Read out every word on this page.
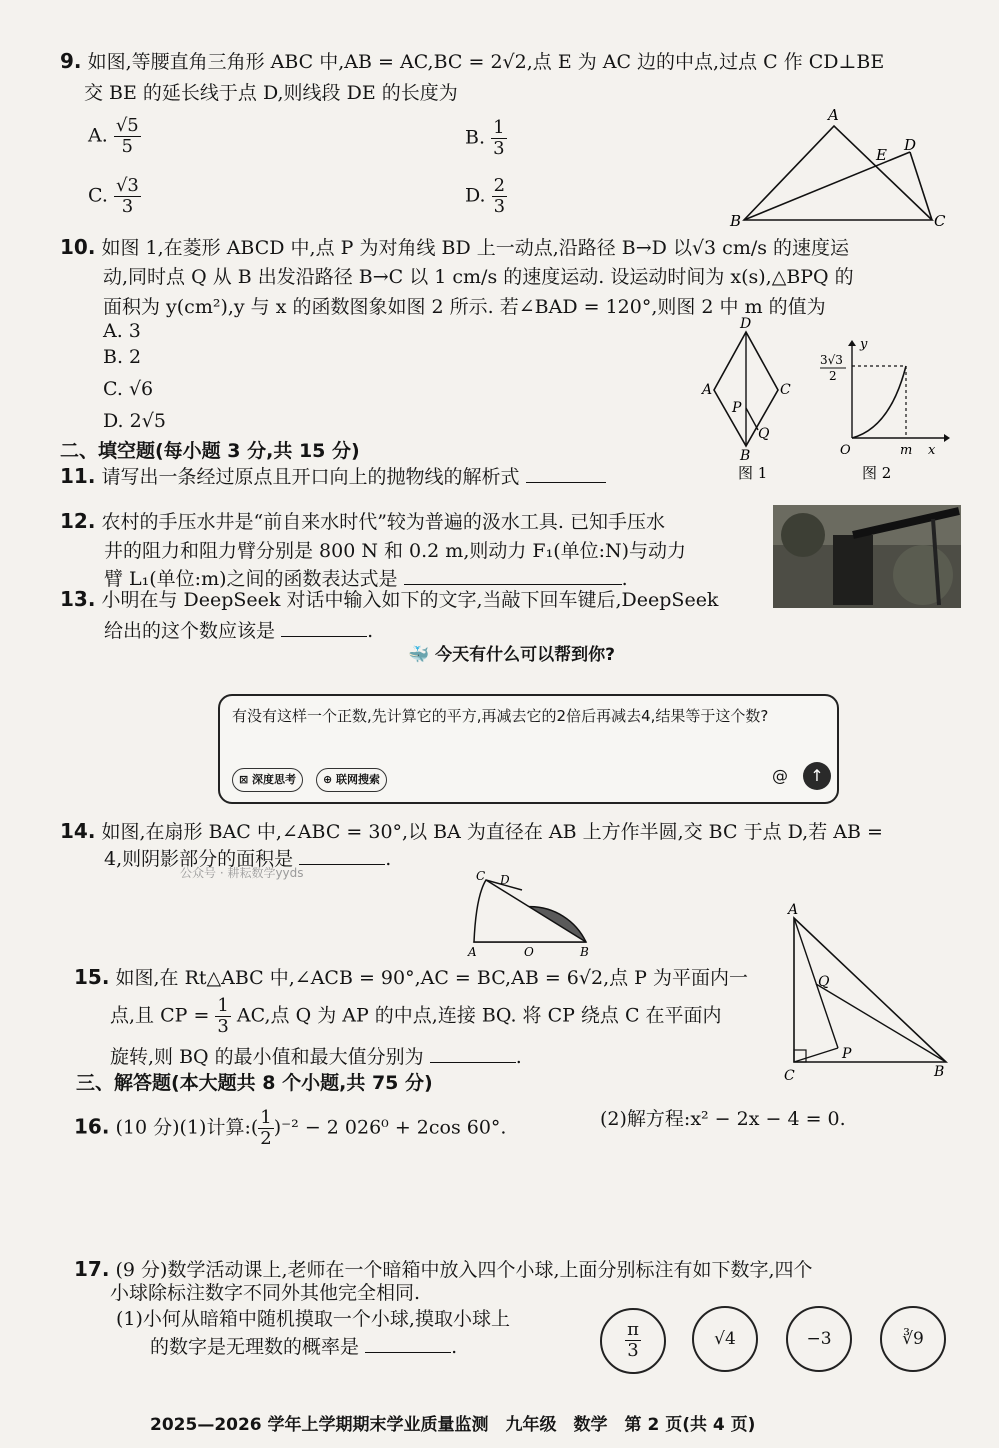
9. 如图,等腰直角三角形 ABC 中,AB = AC,BC = 2√2,点 E 为 AC 边的中点,过点 C 作 CD⊥BE
交 BE 的延长线于点 D,则线段 DE 的长度为
A. $\frac{√5}{5}$	B. $\frac{1}{3}$
C. $\frac{√3}{3}$	D. $\frac{2}{3}$
A
B	C
D
E
10. 如图 1,在菱形 ABCD 中,点 P 为对角线 BD 上一动点,沿路径 B→D 以√3 cm/s 的速度运
动,同时点 Q 从 B 出发沿路径 B→C 以 1 cm/s 的速度运动. 设运动时间为 x(s),△BPQ 的
面积为 y(cm²),y 与 x 的函数图象如图 2 所示. 若∠BAD = 120°,则图 2 中 m 的值为
A. 3
B. 2
C. √6
D. 2√5
D
A	C
B
P
Q
图 1
y
x
O	m
3√3
2
图 2
二、填空题(每小题 3 分,共 15 分)
11. 请写出一条经过原点且开口向上的抛物线的解析式
12. 农村的手压水井是“前自来水时代”较为普遍的汲水工具. 已知手压水
井的阻力和阻力臂分别是 800 N 和 0.2 m,则动力 F₁(单位:N)与动力
臂 L₁(单位:m)之间的函数表达式是	.
13. 小明在与 DeepSeek 对话中输入如下的文字,当敲下回车键后,DeepSeek
给出的这个数应该是	.
🐳 今天有什么可以帮到你?
有没有这样一个正数,先计算它的平方,再减去它的2倍后再减去4,结果等于这个数?
⊠ 深度思考	⊕ 联网搜索	@	↑
14. 如图,在扇形 BAC 中,∠ABC = 30°,以 BA 为直径在 AB 上方作半圆,交 BC 于点 D,若 AB =
4,则阴影部分的面积是	.
公众号 · 耕耘数学yyds	C D
A	O	B
15. 如图,在 Rt△ABC 中,∠ACB = 90°,AC = BC,AB = 6√2,点 P 为平面内一
点,且 CP = $\frac{1}{3}$ AC,点 Q 为 AP 的中点,连接 BQ. 将 CP 绕点 C 在平面内
旋转,则 BQ 的最小值和最大值分别为	.
A
Q
P
C	B
三、解答题(本大题共 8 个小题,共 75 分)
16. (10 分)(1)计算:( $\frac{1}{2} )^{-2} - 2$ 026⁰ + 2cos 60°.	(2)解方程:x² − 2x − 4 = 0.
17. (9 分)数学活动课上,老师在一个暗箱中放入四个小球,上面分别标注有如下数字,四个
小球除标注数字不同外其他完全相同.
(1)小何从暗箱中随机摸取一个小球,摸取小球上
的数字是无理数的概率是	.	$\frac{\pi}{3}$	√4	−3	∛9
2025—2026 学年上学期期末学业质量监测　九年级　数学　第 2 页(共 4 页)
